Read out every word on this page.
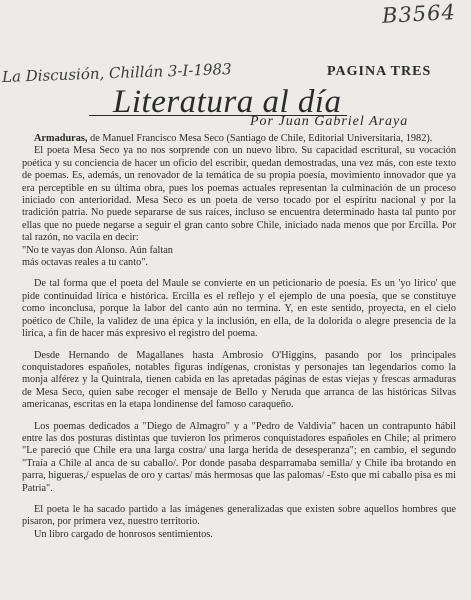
B3564
La Discusión, Chillán 3-I-1983	PAGINA TRES
Literatura al día
Por Juan Gabriel Araya

Armaduras, de Manuel Francisco Mesa Seco (Santiago de Chile, Editorial Universitaria, 1982).

El poeta Mesa Seco ya no nos sorprende con un nuevo libro. Su capacidad escritural, su vocación poética y su conciencia de hacer un oficio del escribir, quedan demostradas, una vez más, con este texto de poemas. Es, además, un renovador de la temática de su propia poesía, movimiento innovador que ya era perceptible en su última obra, pues los poemas actuales representan la culminación de un proceso iniciado con anterioridad. Mesa Seco es un poeta de verso tocado por el espíritu nacional y por la tradición patria. No puede separarse de sus raíces, incluso se encuentra determinado hasta tal punto por ellas que no puede negarse a seguir el gran canto sobre Chile, iniciado nada menos que por Ercilla. Por tal razón, no vacila en decir:

"No te vayas don Alonso. Aún faltan

más octavas reales a tu canto".

De tal forma que el poeta del Maule se convierte en un peticionario de poesía. Es un 'yo lírico' que pide continuidad lírica e histórica. Ercilla es el reflejo y el ejemplo de una poesía, que se constituye como inconclusa, porque la labor del canto aún no termina. Y, en este sentido, proyecta, en el cielo poético de Chile, la validez de una épica y la inclusión, en ella, de la dolorida o alegre presencia de la lírica, a fin de hacer más expresivo el registro del poema.

Desde Hernando de Magallanes hasta Ambrosio O'Higgins, pasando por los principales conquistadores españoles, notables figuras indígenas, cronistas y personajes tan legendarios como la monja alférez y la Quintrala, tienen cabida en las apretadas páginas de estas viejas y frescas armaduras de Mesa Seco, quien sabe recoger el mensaje de Bello y Neruda que arranca de las históricas Silvas americanas, escritas en la etapa londinense del famoso caraqueño.

Los poemas dedicados a "Diego de Almagro" y a "Pedro de Valdivia" hacen un contrapunto hábil entre las dos posturas distintas que tuvieron los primeros conquistadores españoles en Chile; al primero "Le pareció que Chile era una larga costra/ una larga herida de desesperanza"; en cambio, el segundo "Traía a Chile al anca de su caballo/. Por donde pasaba desparramaba semilla/ y Chile iba brotando en parra, higueras,/ espuelas de oro y cartas/ más hermosas que las palomas/ -Esto que mi caballo pisa es mi Patria".

El poeta le ha sacado partido a las imágenes generalizadas que existen sobre aquellos hombres que pisaron, por primera vez, nuestro territorio.

Un libro cargado de honrosos sentimientos.
